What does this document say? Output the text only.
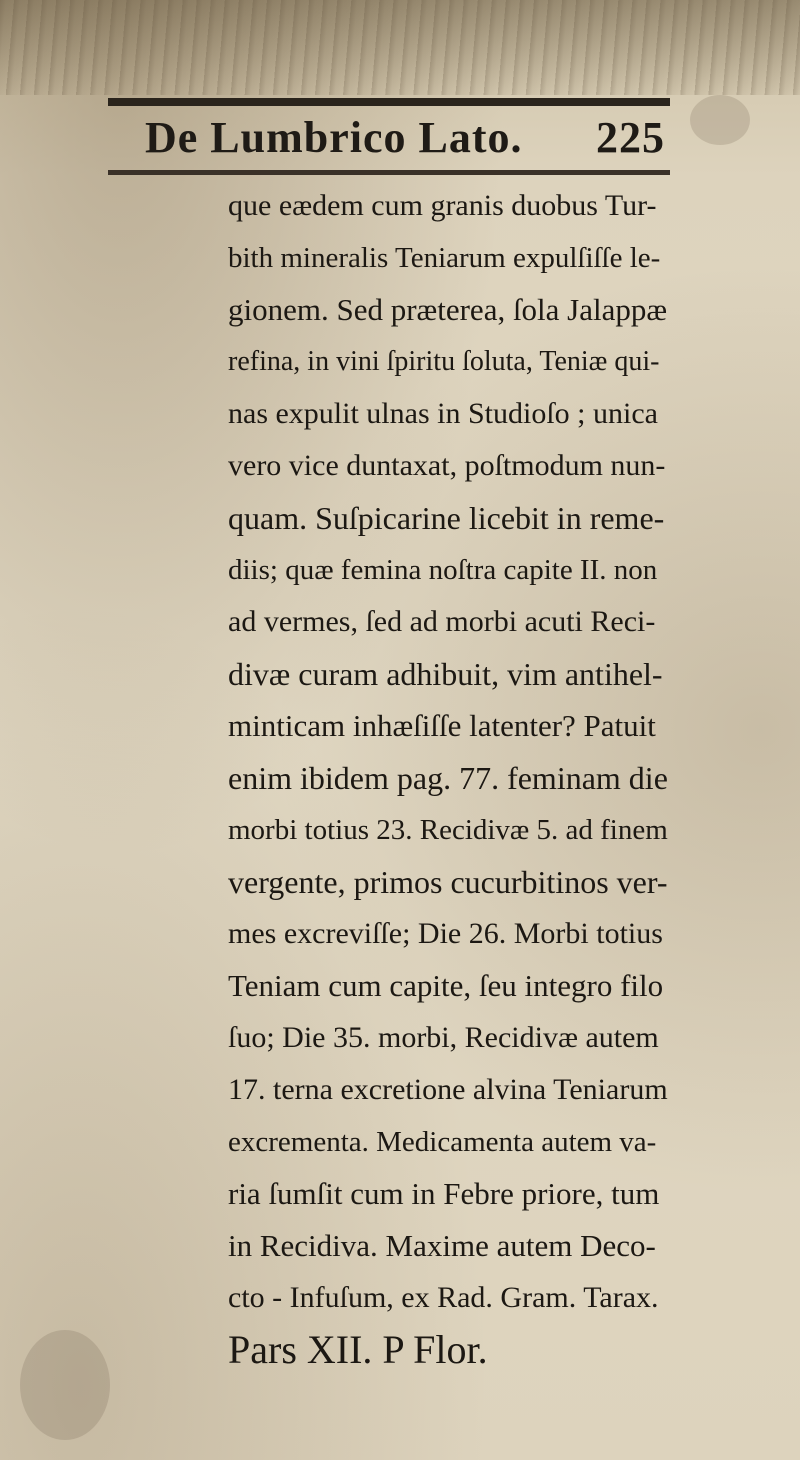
De Lumbrico Lato. 225
que eædem cum granis duobus Tur-
bith mineralis Teniarum expulſiſſe le-
gionem. Sed præterea, ſola Jalappæ
refina, in vini ſpiritu ſoluta, Teniæ qui-
nas expulit ulnas in Studioſo ; unica
vero vice duntaxat, poſtmodum nun-
quam. Suſpicarine licebit in reme-
diis; quæ femina noſtra capite II. non
ad vermes, ſed ad morbi acuti Reci-
divæ curam adhibuit, vim antihel-
minticam inhæſiſſe latenter? Patuit
enim ibidem pag. 77. feminam die
morbi totius 23. Recidivæ 5. ad finem
vergente, primos cucurbitinos ver-
mes excreviſſe; Die 26. Morbi totius
Teniam cum capite, ſeu integro filo
ſuo; Die 35. morbi, Recidivæ autem
17. terna excretione alvina Teniarum
excrementa. Medicamenta autem va-
ria ſumſit cum in Febre priore, tum
in Recidiva. Maxime autem Deco-
cto - Infuſum, ex Rad. Gram. Tarax.
Pars XII. P Flor.
